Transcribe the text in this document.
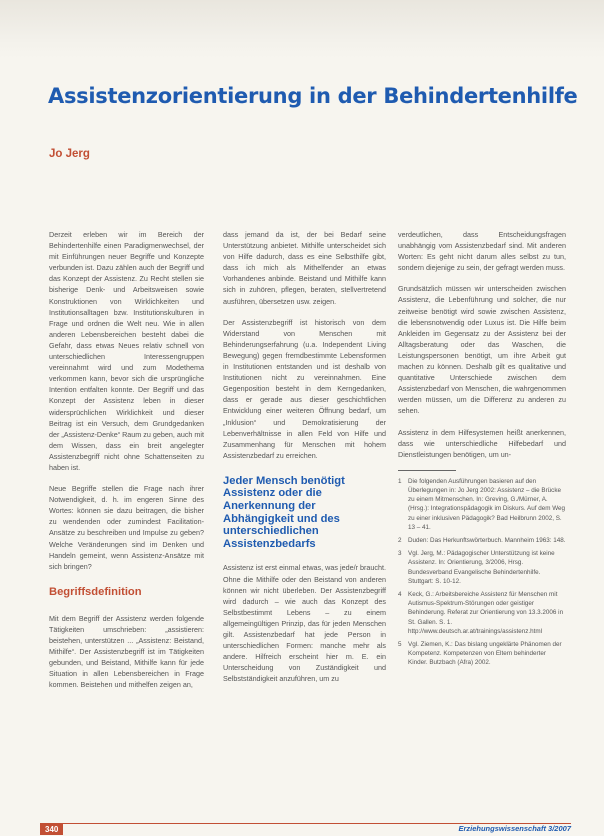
Assistenzorientierung in der Behindertenhilfe
Jo Jerg

Derzeit erleben wir im Bereich der Behindertenhilfe einen Paradigmenwechsel, der mit Einführungen neuer Begriffe und Konzepte verbunden ist. Dazu zählen auch der Begriff und das Konzept der Assistenz. Zu Recht stellen sie bisherige Denk- und Arbeitsweisen sowie Konstruktionen von Wirklichkeiten und Institutionsalltagen bzw. Institutionskulturen in Frage und ordnen die Welt neu. Wie in allen anderen Lebensbereichen besteht dabei die Gefahr, dass etwas Neues relativ schnell von unterschiedlichen Interessengruppen vereinnahmt wird und zum Modethema verkommen kann, bevor sich die ursprüngliche Intention entfalten konnte. Der Begriff und das Konzept der Assistenz leben in dieser widersprüchlichen Wirklichkeit und dieser Beitrag ist ein Versuch, dem Grundgedanken der „Assistenz-Denke“ Raum zu geben, auch mit dem Wissen, dass ein breit angelegter Assistenzbegriff nicht ohne Schattenseiten zu haben ist.

Neue Begriffe stellen die Frage nach ihrer Notwendigkeit, d. h. im engeren Sinne des Wortes: können sie dazu beitragen, die bisher zu wendenden oder zumindest Facilitation-Ansätze zu beschreiben und Impulse zu geben? Welche Veränderungen sind im Denken und Handeln gemeint, wenn Assistenz-Ansätze mit sich bringen?

Begriffsdefinition

Mit dem Begriff der Assistenz werden folgende Tätigkeiten umschrieben: „assistieren: beistehen, unterstützen ... „Assistenz: Beistand, Mithilfe“. Der Assistenzbegriff ist im Tätigkeiten gebunden, und Beistand, Mithilfe kann für jede Situation in allen Lebensbereichen in Frage kommen. Beistehen und mithelfen zeigen an,

dass jemand da ist, der bei Bedarf seine Unterstützung anbietet. Mithilfe unterscheidet sich von Hilfe dadurch, dass es eine Selbsthilfe gibt, dass ich mich als Mithelfender an etwas Vorhandenes anbinde. Beistand und Mithilfe kann sich in zuhören, pflegen, beraten, stellvertretend ausführen, übersetzen usw. zeigen.

Der Assistenzbegriff ist historisch von dem Widerstand von Menschen mit Behinderungserfahrung (u.a. Independent Living Bewegung) gegen fremdbestimmte Lebensformen in Institutionen entstanden und ist deshalb von Institutionen nicht zu vereinnahmen. Eine Gegenposition besteht in dem Kerngedanken, dass er gerade aus dieser geschichtlichen Entwicklung einer weiteren Öffnung bedarf, um „Inklusion“ und Demokratisierung der Lebenverhältnisse in allen Feld von Hilfe und Zusammenhang für Menschen mit hohem Assistenzbedarf zu erreichen.

Jeder Mensch benötigt Assistenz oder die Anerkennung der Abhängigkeit und des unterschiedlichen Assistenzbedarfs

Assistenz ist erst einmal etwas, was jede/r braucht. Ohne die Mithilfe oder den Beistand von anderen können wir nicht überleben. Der Assistenzbegriff wird dadurch – wie auch das Konzept des Selbstbestimmt Lebens – zu einem allgemeingültigen Prinzip, das für jeden Menschen gilt. Assistenzbedarf hat jede Person in unterschiedlichen Formen: manche mehr als andere. Hilfreich erscheint hier m. E. ein Unterscheidung von Zuständigkeit und Selbstständigkeit anzuführen, um zu

verdeutlichen, dass Entscheidungsfragen unabhängig vom Assistenzbedarf sind. Mit anderen Worten: Es geht nicht darum alles selbst zu tun, sondern diejenige zu sein, der gefragt werden muss.

Grundsätzlich müssen wir unterscheiden zwischen Assistenz, die Lebenführung und solcher, die nur zeitweise benötigt wird sowie zwischen Assistenz, die lebensnotwendig oder Luxus ist. Die Hilfe beim Ankleiden im Gegensatz zu der Assistenz bei der Alltagsberatung oder das Waschen, die Leistungspersonen benötigt, um ihre Arbeit gut machen zu können. Deshalb gilt es qualitative und quantitative Unterschiede zwischen dem Assistenzbedarf von Menschen, die wahrgenommen werden müssen, um die Differenz zu anderen zu sehen.

Assistenz in dem Hilfesystemen heißt anerkennen, dass wie unterschiedliche Hilfebedarf und Dienstleistungen benötigen, um un-

1	Die folgenden Ausführungen basieren auf den Überlegungen in: Jo Jerg 2002: Assistenz – die Brücke zu einem Mitmenschen. In: Greving, G./Mürner, A. (Hrsg.): Integrationspädagogik im Diskurs. Auf dem Weg zu einer inklusiven Pädagogik? Bad Heilbrunn 2002, S. 13 – 41.
2	Duden: Das Herkunftswörterbuch. Mannheim 1963: 148.
3	Vgl. Jerg, M.: Pädagogischer Unterstützung ist keine Assistenz. In: Orientierung, 3/2006, Hrsg. Bundesverband Evangelische Behindertenhilfe. Stuttgart: S. 10-12.
4	Keck, G.: Arbeitsbereiche Assistenz für Menschen mit Autismus-Spektrum-Störungen oder geistiger Behinderung. Referat zur Orientierung von 13.3.2006 in St. Gallen. S. 1. http://www.deutsch.ar.at/trainings/assistenz.html
5	Vgl. Ziemen, K.: Das bislang ungeklärte Phänomen der Kompetenz. Kompetenzen von Eltern behinderter Kinder. Butzbach (Afra) 2002.
340	Erziehungswissenschaft 3/2007
